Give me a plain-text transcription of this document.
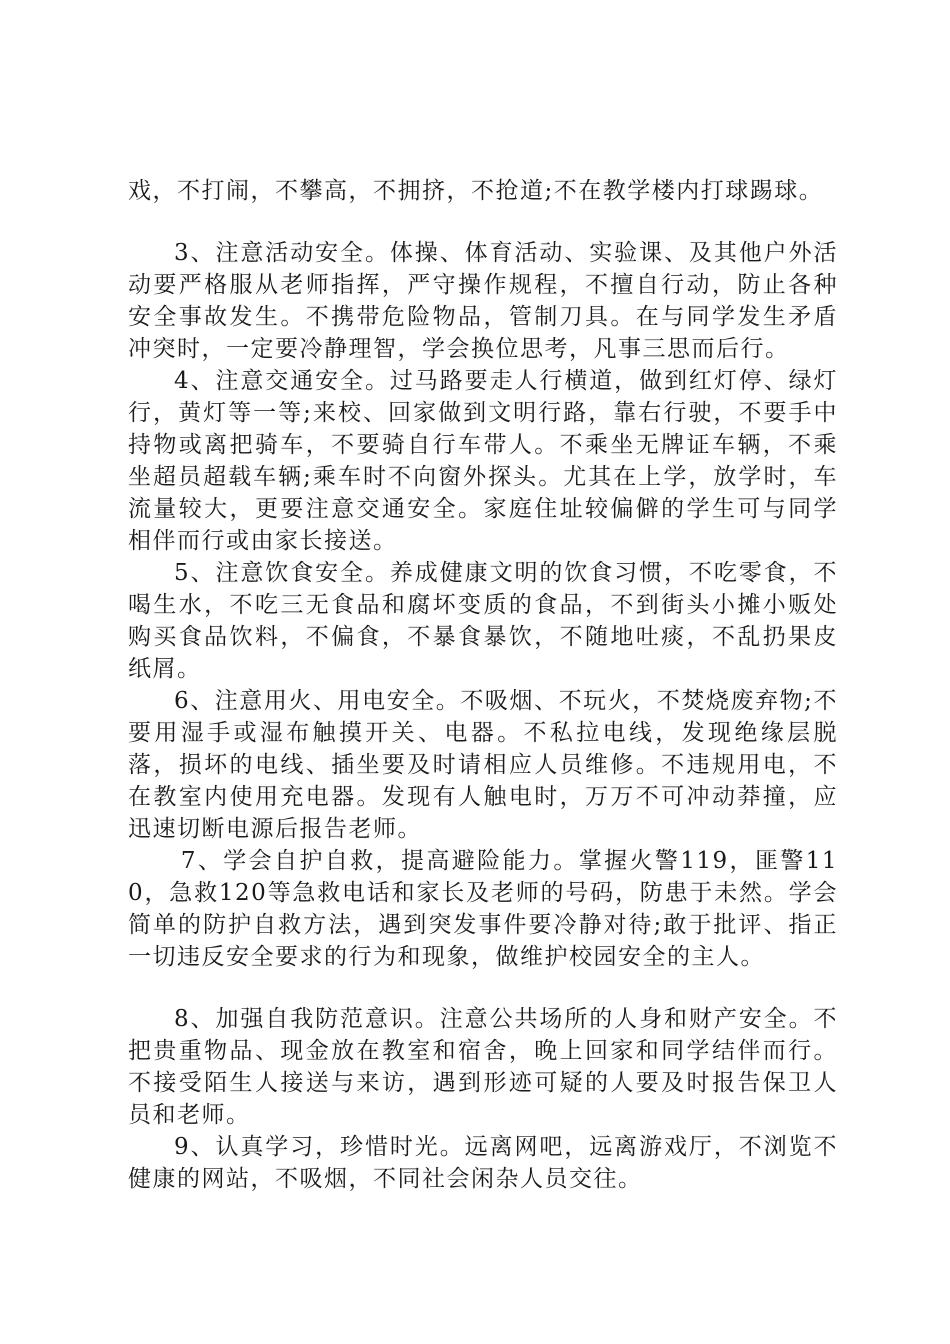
戏，不打闹，不攀高，不拥挤，不抢道;不在教学楼内打球踢球。

3、注意活动安全。体操、体育活动、实验课、及其他户外活动要严格服从老师指挥，严守操作规程，不擅自行动，防止各种安全事故发生。不携带危险物品，管制刀具。在与同学发生矛盾冲突时，一定要冷静理智，学会换位思考，凡事三思而后行。

4、注意交通安全。过马路要走人行横道，做到红灯停、绿灯行，黄灯等一等;来校、回家做到文明行路，靠右行驶，不要手中持物或离把骑车，不要骑自行车带人。不乘坐无牌证车辆，不乘坐超员超载车辆;乘车时不向窗外探头。尤其在上学，放学时，车流量较大，更要注意交通安全。家庭住址较偏僻的学生可与同学相伴而行或由家长接送。

5、注意饮食安全。养成健康文明的饮食习惯，不吃零食，不喝生水，不吃三无食品和腐坏变质的食品，不到街头小摊小贩处购买食品饮料，不偏食，不暴食暴饮，不随地吐痰，不乱扔果皮纸屑。

6、注意用火、用电安全。不吸烟、不玩火，不焚烧废弃物;不要用湿手或湿布触摸开关、电器。不私拉电线，发现绝缘层脱落，损坏的电线、插坐要及时请相应人员维修。不违规用电，不在教室内使用充电器。发现有人触电时，万万不可冲动莽撞，应迅速切断电源后报告老师。

7、学会自护自救，提高避险能力。掌握火警119，匪警110，急救120等急救电话和家长及老师的号码，防患于未然。学会简单的防护自救方法，遇到突发事件要冷静对待;敢于批评、指正一切违反安全要求的行为和现象，做维护校园安全的主人。

8、加强自我防范意识。注意公共场所的人身和财产安全。不把贵重物品、现金放在教室和宿舍，晚上回家和同学结伴而行。不接受陌生人接送与来访，遇到形迹可疑的人要及时报告保卫人员和老师。

9、认真学习，珍惜时光。远离网吧，远离游戏厅，不浏览不健康的网站，不吸烟，不同社会闲杂人员交往。
